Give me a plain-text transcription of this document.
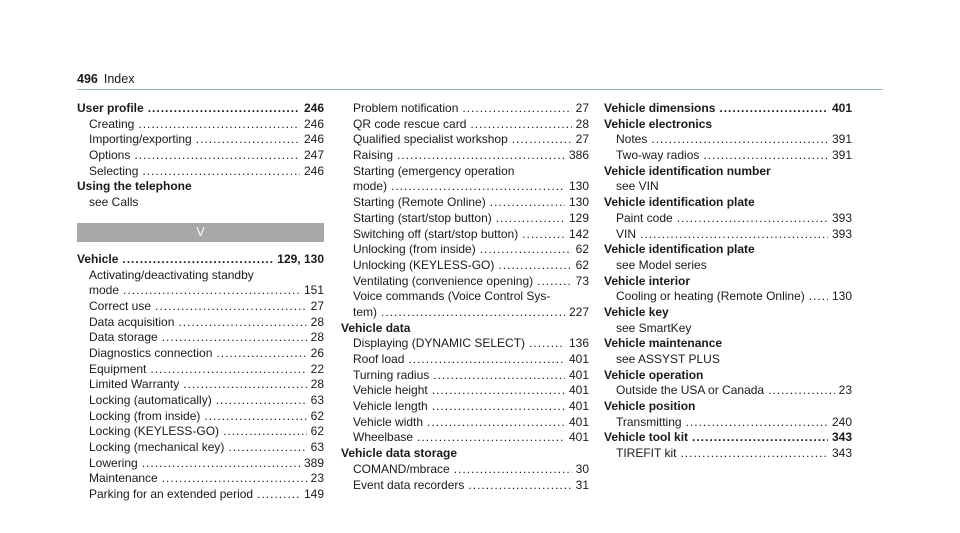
496 Index
User profile .....	246
Creating .....	246
Importing/exporting .....	246
Options .....	247
Selecting .....	246
Using the telephone
see Calls
V
Vehicle .....	129, 130
Activating/deactivating standby
mode .....	151
Correct use .....	27
Data acquisition .....	28
Data storage .....	28
Diagnostics connection .....	26
Equipment .....	22
Limited Warranty .....	28
Locking (automatically) .....	63
Locking (from inside) .....	62
Locking (KEYLESS-GO) .....	62
Locking (mechanical key) .....	63
Lowering .....	389
Maintenance .....	23
Parking for an extended period .....	149
Problem notification .....	27
QR code rescue card .....	28
Qualified specialist workshop .....	27
Raising .....	386
Starting (emergency operation
mode) .....	130
Starting (Remote Online) .....	130
Starting (start/stop button) .....	129
Switching off (start/stop button) .....	142
Unlocking (from inside) .....	62
Unlocking (KEYLESS-GO) .....	62
Ventilating (convenience opening) .....	73
Voice commands (Voice Control Sys-
tem) .....	227
Vehicle data
Displaying (DYNAMIC SELECT) .....	136
Roof load .....	401
Turning radius .....	401
Vehicle height .....	401
Vehicle length .....	401
Vehicle width .....	401
Wheelbase .....	401
Vehicle data storage
COMAND/mbrace .....	30
Event data recorders .....	31
Vehicle dimensions .....	401
Vehicle electronics
Notes .....	391
Two-way radios .....	391
Vehicle identification number
see VIN
Vehicle identification plate
Paint code .....	393
VIN .....	393
Vehicle identification plate
see Model series
Vehicle interior
Cooling or heating (Remote Online) ..... 130
Vehicle key
see SmartKey
Vehicle maintenance
see ASSYST PLUS
Vehicle operation
Outside the USA or Canada .....	23
Vehicle position
Transmitting .....	240
Vehicle tool kit .....	343
TIREFIT kit .....	343
